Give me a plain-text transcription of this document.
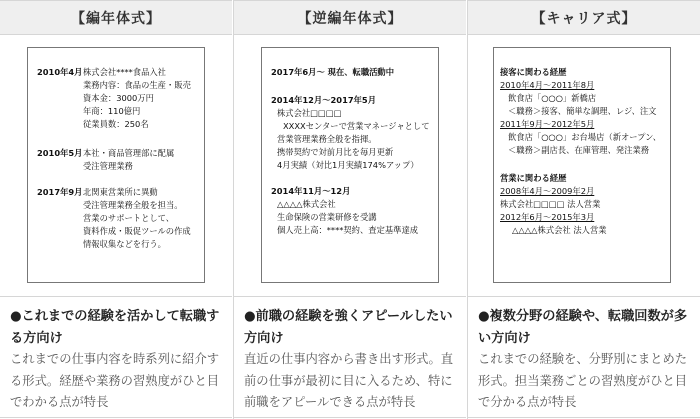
【編年体式】
2010年4月 株式会社****食品入社
業務内容：食品の生産・販売
資本金：3000万円
年商：110億円
従業員数：250名
2010年5月 本社・商品管理部に配属
受注管理業務
2017年9月 北関東営業所に異動
受注管理業務全般を担当。
営業のサポートとして、
資料作成・販促ツールの作成
情報収集などを行う。
●これまでの経験を活かして転職する方向け
これまでの仕事内容を時系列に紹介する形式。経歴や業務の習熟度がひと目でわかる点が特長
【逆編年体式】
2017年6月～ 現在、転職活動中
2014年12月～2017年5月
株式会社□□□□
XXXXセンターで営業マネージャとして
営業管理業務全般を指揮。
携帯契約で対前月比を毎月更新
4月実績（対比1月実績174%アップ）
2014年11月～12月
△△△△株式会社
生命保険の営業研修を受講
個人売上高：****契約、査定基準達成
●前職の経験を強くアピールしたい方向け
直近の仕事内容から書き出す形式。直前の仕事が最初に目に入るため、特に前職をアピールできる点が特長
【キャリア式】
接客に関わる経歴
2010年4月～2011年8月
飲食店「○○○」新橋店
＜職務＞接客、簡単な調理、レジ、注文
2011年9月～2012年5月
飲食店「○○○」お台場店（新オープン、
＜職務＞副店長、在庫管理、発注業務
営業に関わる経歴
2008年4月～2009年2月
株式会社□□□□ 法人営業
2012年6月～2015年3月
△△△△株式会社 法人営業
●複数分野の経験や、転職回数が多い方向け
これまでの経験を、分野別にまとめた形式。担当業務ごとの習熟度がひと目で分かる点が特長
